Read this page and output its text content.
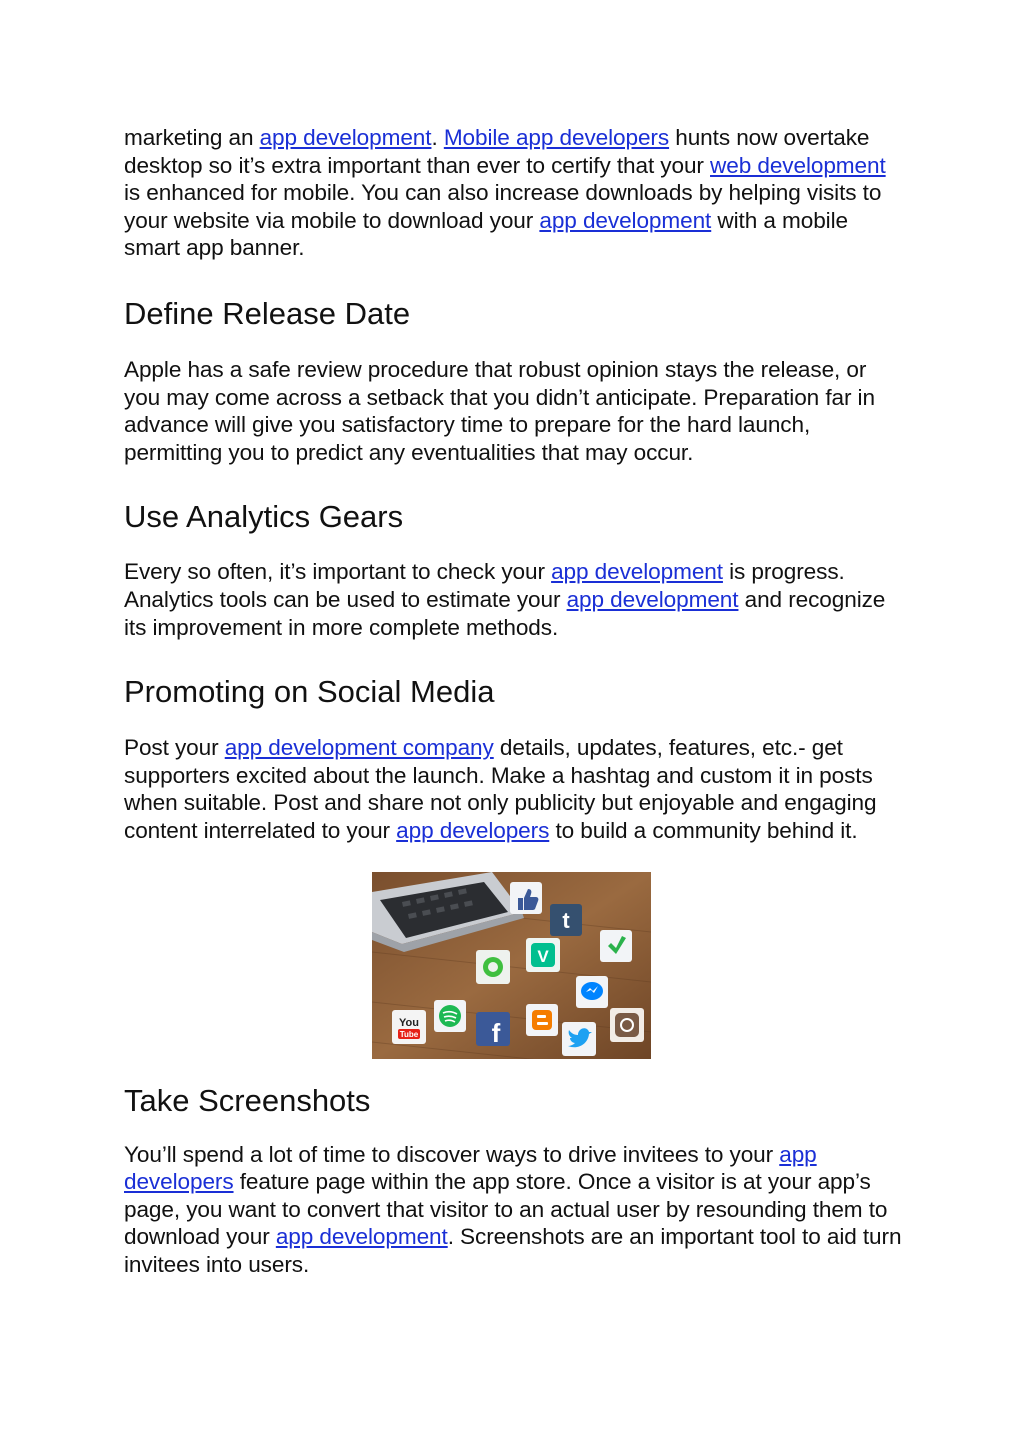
marketing an app development. Mobile app developers hunts now overtake desktop so it’s extra important than ever to certify that your web development is enhanced for mobile. You can also increase downloads by helping visits to your website via mobile to download your app development with a mobile smart app banner.

Define Release Date

Apple has a safe review procedure that robust opinion stays the release, or you may come across a setback that you didn’t anticipate. Preparation far in advance will give you satisfactory time to prepare for the hard launch, permitting you to predict any eventualities that may occur.

Use Analytics Gears

Every so often, it’s important to check your app development is progress. Analytics tools can be used to estimate your app development and recognize its improvement in more complete methods.

Promoting on Social Media

Post your app development company details, updates, features, etc.- get supporters excited about the launch. Make a hashtag and custom it in posts when suitable. Post and share not only publicity but enjoyable and engaging content interrelated to your app developers to build a community behind it.

t
V
f
You
Tube
Take Screenshots

You’ll spend a lot of time to discover ways to drive invitees to your app developers feature page within the app store. Once a visitor is at your app’s page, you want to convert that visitor to an actual user by resounding them to download your app development. Screenshots are an important tool to aid turn invitees into users.
